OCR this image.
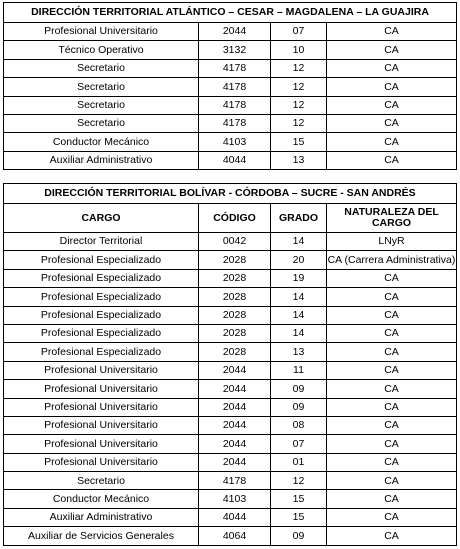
DIRECCIÓN TERRITORIAL ATLÁNTICO – CESAR – MAGDALENA – LA GUAJIRA			
Profesional Universitario	2044	07	CA
Técnico Operativo	3132	10	CA
Secretario	4178	12	CA
Secretario	4178	12	CA
Secretario	4178	12	CA
Secretario	4178	12	CA
Conductor Mecánico	4103	15	CA
Auxiliar Administrativo	4044	13	CA
DIRECCIÓN TERRITORIAL BOLÍVAR - CÓRDOBA – SUCRE - SAN ANDRÉS			
CARGO	CÓDIGO	GRADO	NATURALEZA DEL CARGO
Director Territorial	0042	14	LNyR
Profesional Especializado	2028	20	CA (Carrera Administrativa)
Profesional Especializado	2028	19	CA
Profesional Especializado	2028	14	CA
Profesional Especializado	2028	14	CA
Profesional Especializado	2028	14	CA
Profesional Especializado	2028	13	CA
Profesional Universitario	2044	11	CA
Profesional Universitario	2044	09	CA
Profesional Universitario	2044	09	CA
Profesional Universitario	2044	08	CA
Profesional Universitario	2044	07	CA
Profesional Universitario	2044	01	CA
Secretario	4178	12	CA
Conductor Mecánico	4103	15	CA
Auxiliar Administrativo	4044	15	CA
Auxiliar de Servicios Generales	4064	09	CA
